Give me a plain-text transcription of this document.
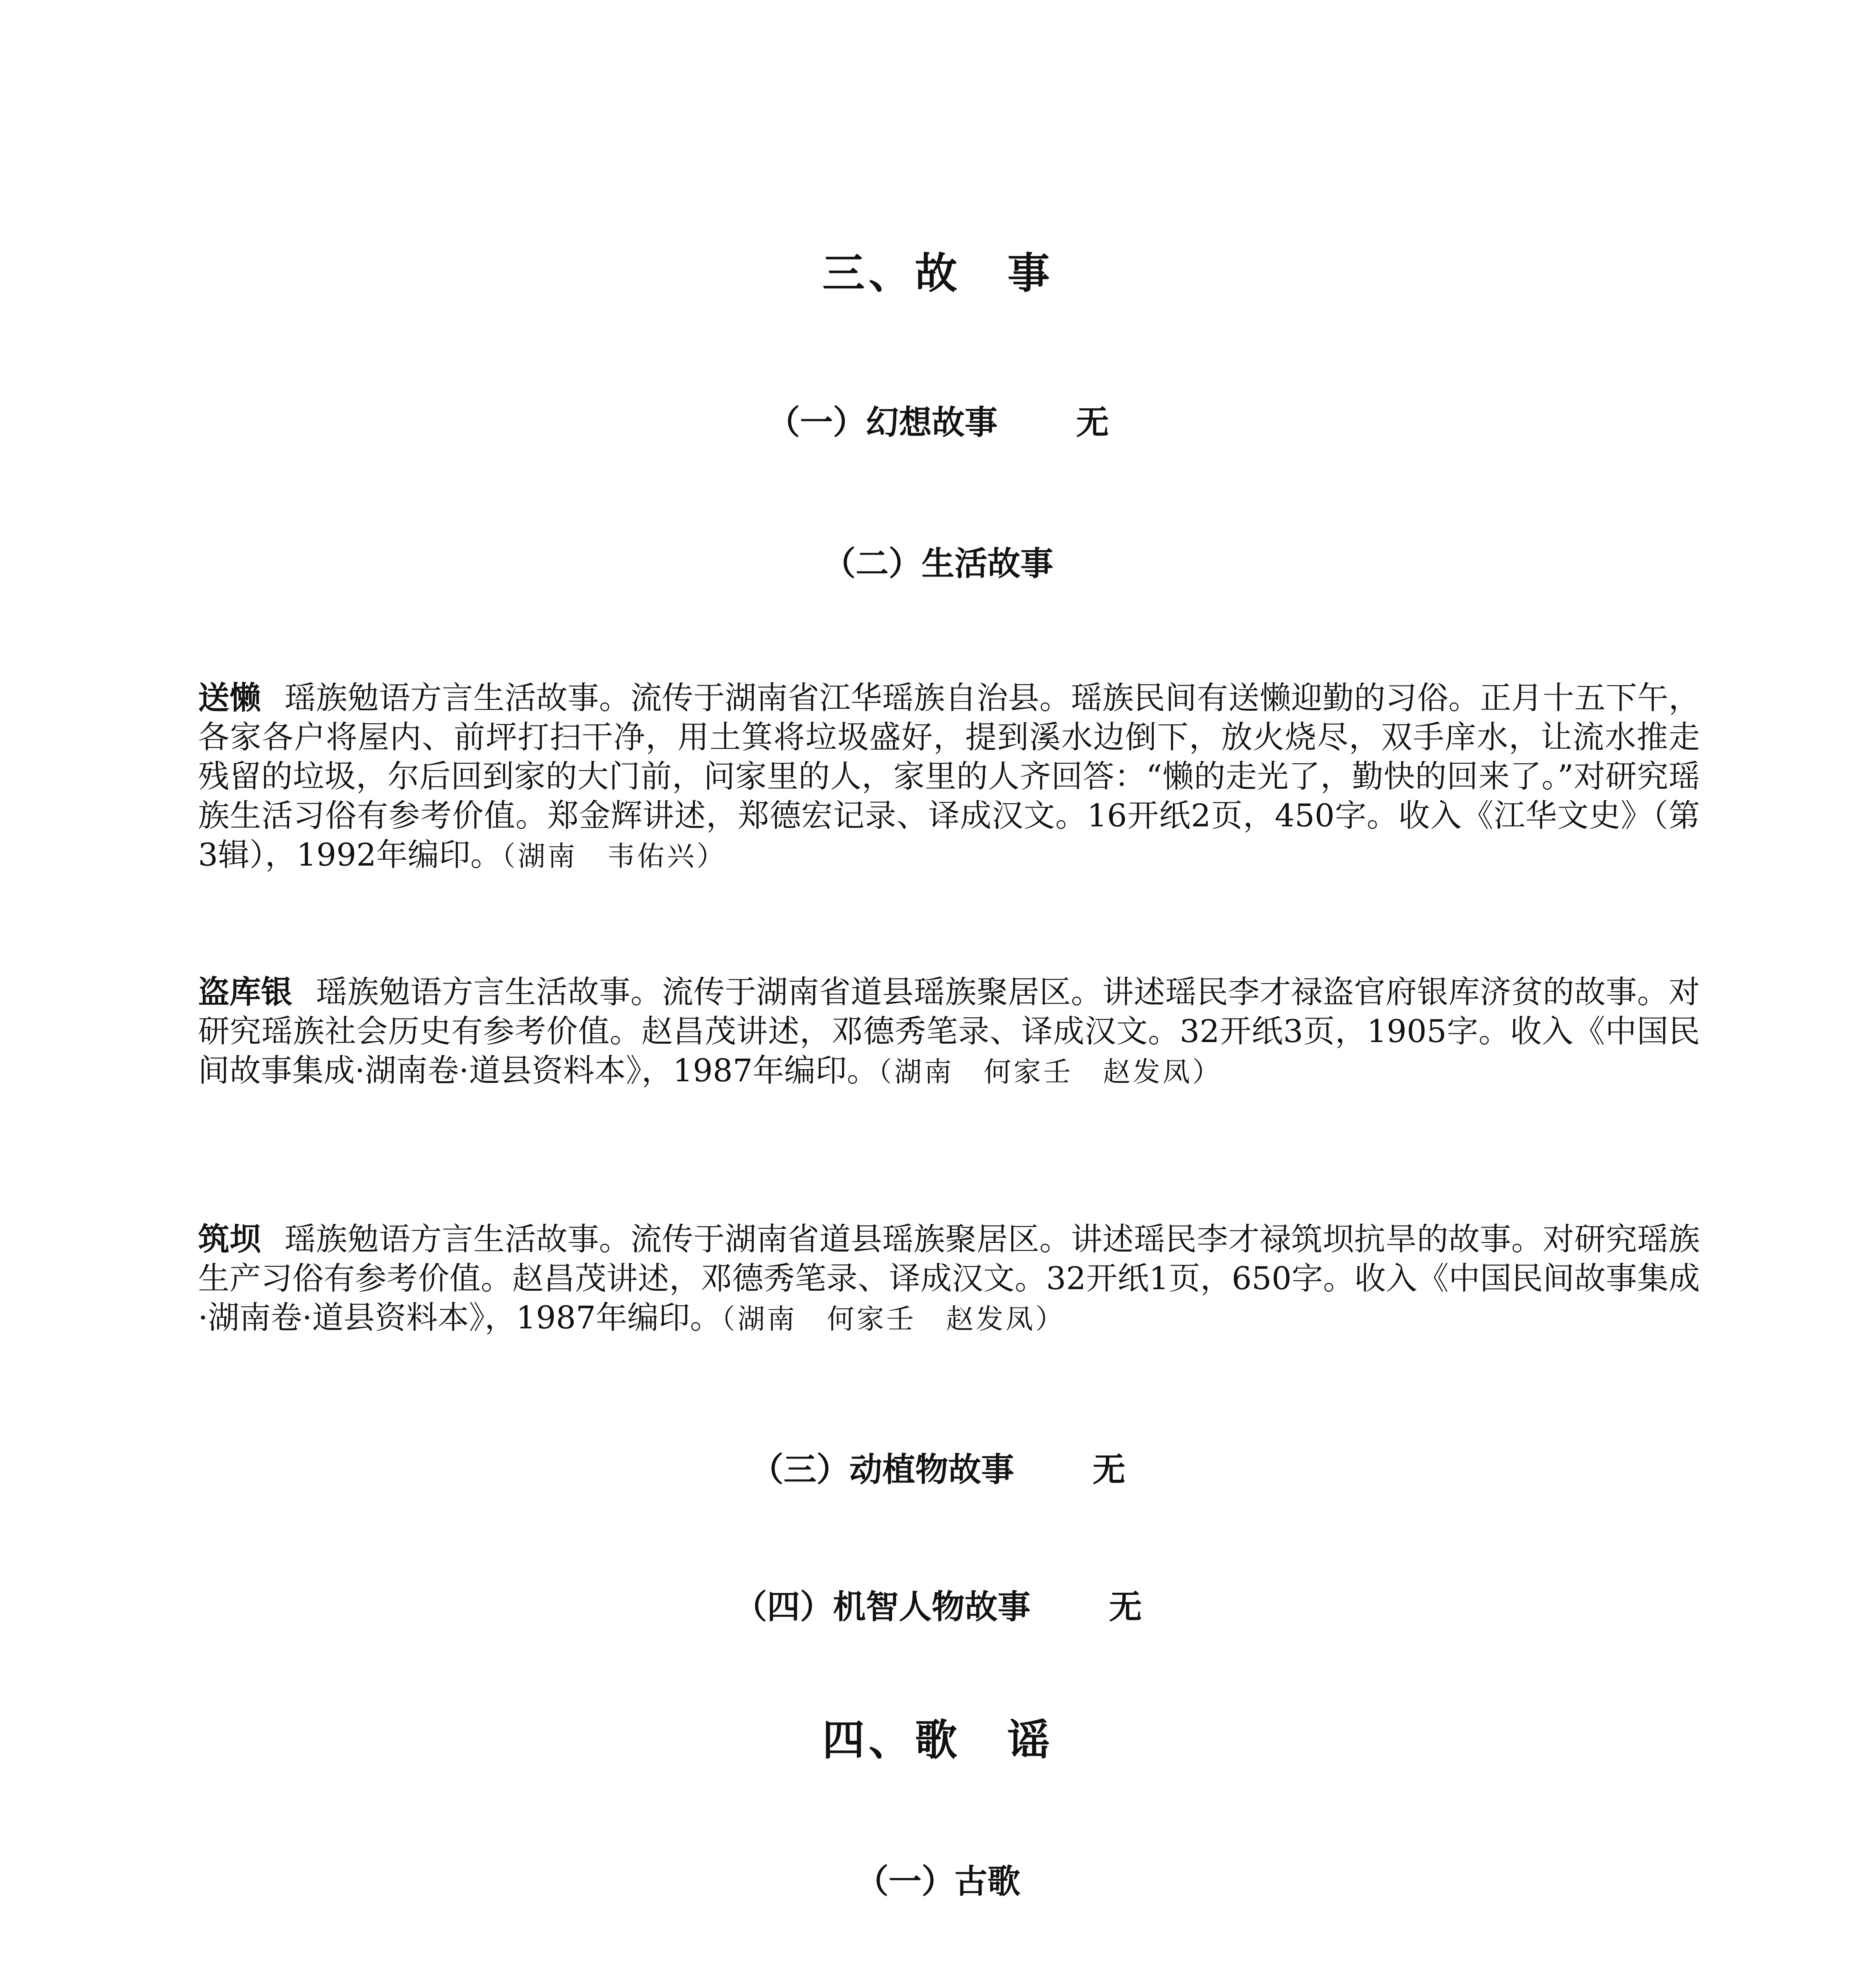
三、故　事
（一）幻想故事 无
（二）生活故事
送懒 瑶族勉语方言生活故事。流传于湖南省江华瑶族自治县。瑶族民间有送懒迎勤的习俗。正月十五下午，各家各户将屋内、前坪打扫干净，用土箕将垃圾盛好，提到溪水边倒下，放火烧尽，双手庠水，让流水推走残留的垃圾，尔后回到家的大门前，问家里的人，家里的人齐回答：“懒的走光了，勤快的回来了。”对研究瑶族生活习俗有参考价值。郑金辉讲述，郑德宏记录、译成汉文。16开纸2页，450字。收入《江华文史》（第3辑），1992年编印。（湖南　韦佑兴）
盗库银 瑶族勉语方言生活故事。流传于湖南省道县瑶族聚居区。讲述瑶民李才禄盗官府银库济贫的故事。对研究瑶族社会历史有参考价值。赵昌茂讲述，邓德秀笔录、译成汉文。32开纸3页，1905字。收入《中国民间故事集成·湖南卷·道县资料本》，1987年编印。（湖南　何家壬　赵发凤）
筑坝 瑶族勉语方言生活故事。流传于湖南省道县瑶族聚居区。讲述瑶民李才禄筑坝抗旱的故事。对研究瑶族生产习俗有参考价值。赵昌茂讲述，邓德秀笔录、译成汉文。32开纸1页，650字。收入《中国民间故事集成·湖南卷·道县资料本》，1987年编印。（湖南　何家壬　赵发凤）
（三）动植物故事 无
（四）机智人物故事 无
四、歌　谣
（一）古歌
